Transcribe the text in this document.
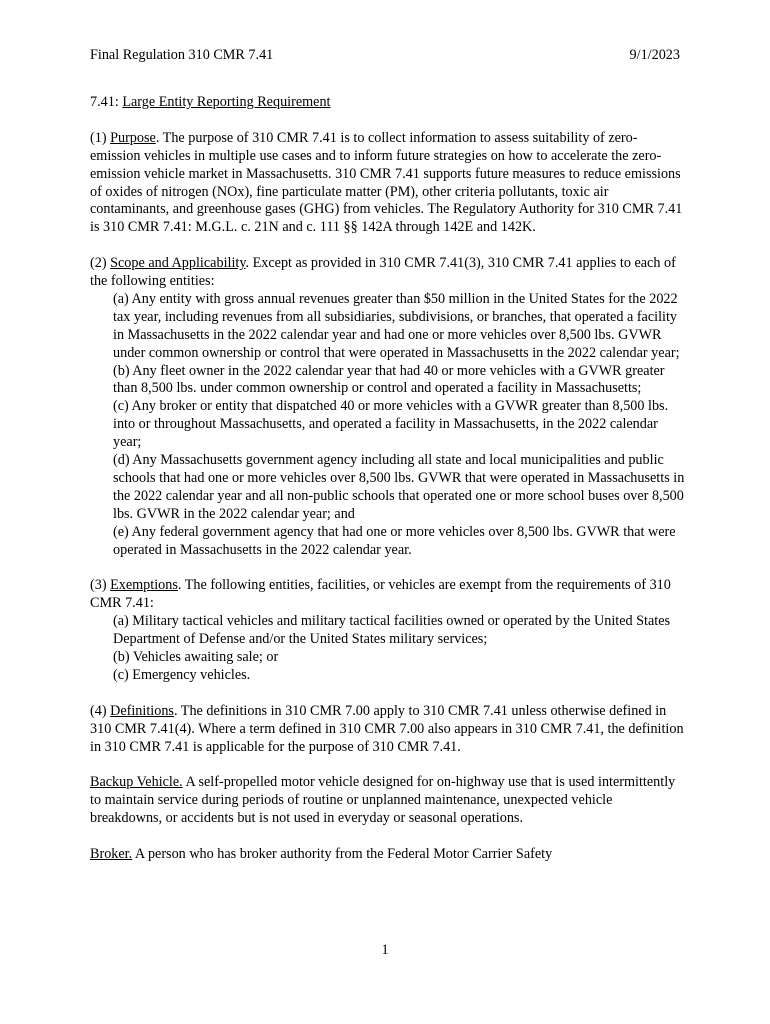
Final Regulation 310 CMR 7.41	9/1/2023

7.41: Large Entity Reporting Requirement

(1) Purpose. The purpose of 310 CMR 7.41 is to collect information to assess suitability of zero-emission vehicles in multiple use cases and to inform future strategies on how to accelerate the zero-emission vehicle market in Massachusetts. 310 CMR 7.41 supports future measures to reduce emissions of oxides of nitrogen (NOx), fine particulate matter (PM), other criteria pollutants, toxic air contaminants, and greenhouse gases (GHG) from vehicles. The Regulatory Authority for 310 CMR 7.41 is 310 CMR 7.41: M.G.L. c. 21N and c. 111 §§ 142A through 142E and 142K.

(2) Scope and Applicability. Except as provided in 310 CMR 7.41(3), 310 CMR 7.41 applies to each of the following entities:

(a) Any entity with gross annual revenues greater than $50 million in the United States for the 2022 tax year, including revenues from all subsidiaries, subdivisions, or branches, that operated a facility in Massachusetts in the 2022 calendar year and had one or more vehicles over 8,500 lbs. GVWR under common ownership or control that were operated in Massachusetts in the 2022 calendar year;

(b) Any fleet owner in the 2022 calendar year that had 40 or more vehicles with a GVWR greater than 8,500 lbs. under common ownership or control and operated a facility in Massachusetts;

(c) Any broker or entity that dispatched 40 or more vehicles with a GVWR greater than 8,500 lbs. into or throughout Massachusetts, and operated a facility in Massachusetts, in the 2022 calendar year;

(d) Any Massachusetts government agency including all state and local municipalities and public schools that had one or more vehicles over 8,500 lbs. GVWR that were operated in Massachusetts in the 2022 calendar year and all non-public schools that operated one or more school buses over 8,500 lbs. GVWR in the 2022 calendar year; and

(e) Any federal government agency that had one or more vehicles over 8,500 lbs. GVWR that were operated in Massachusetts in the 2022 calendar year.

(3) Exemptions. The following entities, facilities, or vehicles are exempt from the requirements of 310 CMR 7.41:

(a) Military tactical vehicles and military tactical facilities owned or operated by the United States Department of Defense and/or the United States military services;

(b) Vehicles awaiting sale; or

(c) Emergency vehicles.

(4) Definitions. The definitions in 310 CMR 7.00 apply to 310 CMR 7.41 unless otherwise defined in 310 CMR 7.41(4). Where a term defined in 310 CMR 7.00 also appears in 310 CMR 7.41, the definition in 310 CMR 7.41 is applicable for the purpose of 310 CMR 7.41.

Backup Vehicle. A self-propelled motor vehicle designed for on-highway use that is used intermittently to maintain service during periods of routine or unplanned maintenance, unexpected vehicle breakdowns, or accidents but is not used in everyday or seasonal operations.

Broker. A person who has broker authority from the Federal Motor Carrier Safety

1
